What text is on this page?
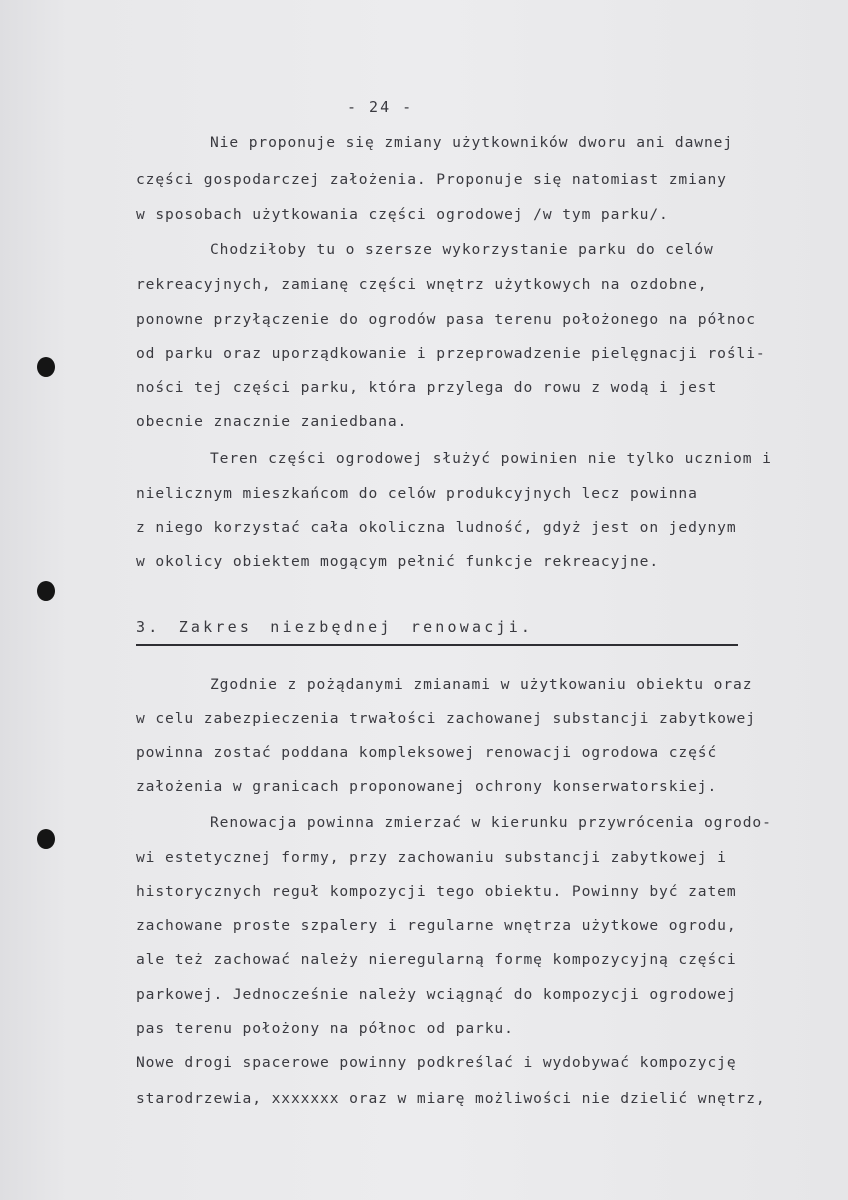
- 24 -
Nie proponuje się zmiany użytkowników dworu ani dawnej
części gospodarczej założenia. Proponuje się natomiast zmiany
w sposobach użytkowania części ogrodowej /w tym parku/.
Chodziłoby tu o szersze wykorzystanie parku do celów
rekreacyjnych, zamianę części wnętrz użytkowych na ozdobne,
ponowne przyłączenie do ogrodów pasa terenu położonego na północ
od parku oraz uporządkowanie i przeprowadzenie pielęgnacji rośli-
ności tej części parku, która przylega do rowu z wodą i jest
obecnie znacznie zaniedbana.
Teren części ogrodowej służyć powinien nie tylko uczniom i
nielicznym mieszkańcom do celów produkcyjnych lecz powinna
z niego korzystać cała okoliczna ludność, gdyż jest on jedynym
w okolicy obiektem mogącym pełnić funkcje rekreacyjne.
3. Zakres niezbędnej renowacji.
Zgodnie z pożądanymi zmianami w użytkowaniu obiektu oraz
w celu zabezpieczenia trwałości zachowanej substancji zabytkowej
powinna zostać poddana kompleksowej renowacji ogrodowa część
założenia w granicach proponowanej ochrony konserwatorskiej.
Renowacja powinna zmierzać w kierunku przywrócenia ogrodo-
wi estetycznej formy, przy zachowaniu substancji zabytkowej i
historycznych reguł kompozycji tego obiektu. Powinny być zatem
zachowane proste szpalery i regularne wnętrza użytkowe ogrodu,
ale też zachować należy nieregularną formę kompozycyjną części
parkowej. Jednocześnie należy wciągnąć do kompozycji ogrodowej
pas terenu położony na północ od parku.
Nowe drogi spacerowe powinny podkreślać i wydobywać kompozycję
starodrzewia, xxxxxxx oraz w miarę możliwości nie dzielić wnętrz,
